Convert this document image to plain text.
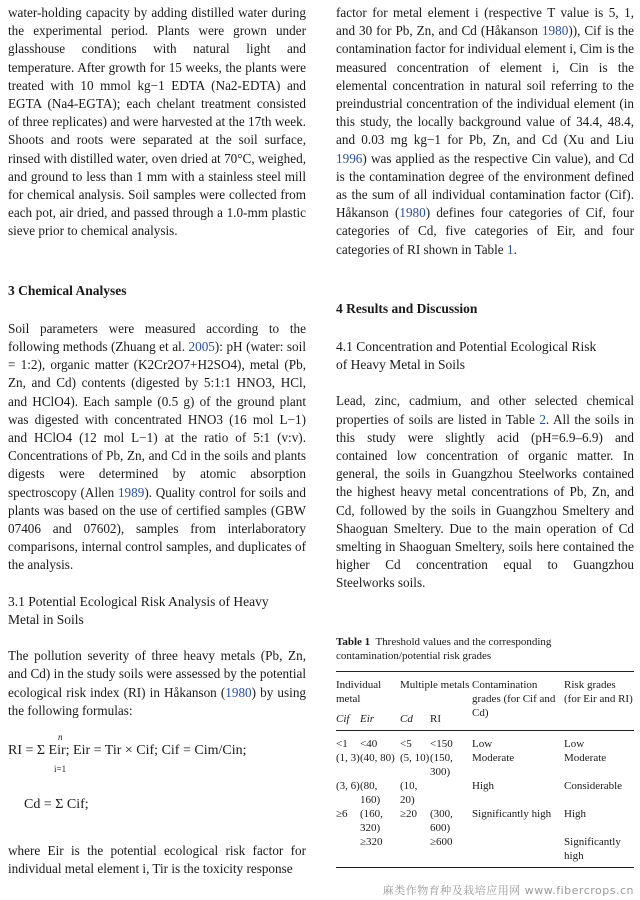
water-holding capacity by adding distilled water during the experimental period. Plants were grown under glasshouse conditions with natural light and temperature. After growth for 15 weeks, the plants were treated with 10 mmol kg−1 EDTA (Na2-EDTA) and EGTA (Na4-EGTA); each chelant treatment consisted of three replicates) and were harvested at the 17th week. Shoots and roots were separated at the soil surface, rinsed with distilled water, oven dried at 70°C, weighed, and ground to less than 1 mm with a stainless steel mill for chemical analysis. Soil samples were collected from each pot, air dried, and passed through a 1.0-mm plastic sieve prior to chemical analysis.

3 Chemical Analyses

Soil parameters were measured according to the following methods (Zhuang et al. 2005): pH (water: soil = 1:2), organic matter (K2Cr2O7+H2SO4), metal (Pb, Zn, and Cd) contents (digested by 5:1:1 HNO3, HCl, and HClO4). Each sample (0.5 g) of the ground plant was digested with concentrated HNO3 (16 mol L−1) and HClO4 (12 mol L−1) at the ratio of 5:1 (v:v). Concentrations of Pb, Zn, and Cd in the soils and plants digests were determined by atomic absorption spectroscopy (Allen 1989). Quality control for soils and plants was based on the use of certified samples (GBW 07406 and 07602), samples from interlaboratory comparisons, internal control samples, and duplicates of the analysis.

3.1 Potential Ecological Risk Analysis of Heavy
Metal in Soils

The pollution severity of three heavy metals (Pb, Zn, and Cd) in the study soils were assessed by the potential ecological risk index (RI) in Håkanson (1980) by using the following formulas:

n
i=1

RI = Σ Eir; Eir = Tir × Cif; Cif = Cim/Cin;

Cd = Σ Cif;

where Eir is the potential ecological risk factor for individual metal element i, Tir is the toxicity response

factor for metal element i (respective T value is 5, 1, and 30 for Pb, Zn, and Cd (Håkanson 1980)), Cif is the contamination factor for individual element i, Cim is the measured concentration of element i, Cin is the elemental concentration in natural soil referring to the preindustrial concentration of the individual element (in this study, the locally background value of 34.4, 48.4, and 0.03 mg kg−1 for Pb, Zn, and Cd (Xu and Liu 1996) was applied as the respective Cin value), and Cd is the contamination degree of the environment defined as the sum of all individual contamination factor (Cif). Håkanson (1980) defines four categories of Cif, four categories of Cd, five categories of Eir, and four categories of RI shown in Table 1.

4 Results and Discussion

4.1 Concentration and Potential Ecological Risk
of Heavy Metal in Soils

Lead, zinc, cadmium, and other selected chemical properties of soils are listed in Table 2. All the soils in this study were slightly acid (pH=6.9–6.9) and contained low concentration of organic matter. In general, the soils in Guangzhou Steelworks contained the highest heavy metal concentrations of Pb, Zn, and Cd, followed by the soils in Guangzhou Smeltery and Shaoguan Smeltery. Due to the main operation of Cd smelting in Shaoguan Smeltery, soils here contained the higher Cd concentration equal to Guangzhou Steelworks soils.

Table 1 Threshold values and the corresponding contamination/potential risk grades

Individual metal		Multiple metals		Contamination grades (for Cif and Cd)	Risk grades (for Eir and RI)
Cif	Eir	Cd	RI		
<1	<40	<5	<150	Low	Low
(1, 3)	(40, 80)	(5, 10)	(150, 300)	Moderate	Moderate
(3, 6)	(80, 160)	(10, 20)		High	Considerable
≥6	(160, 320)	≥20	(300, 600)	Significantly high	High
	≥320		≥600		Significantly high
麻类作物育种及栽培应用网 www.fibercrops.cn
